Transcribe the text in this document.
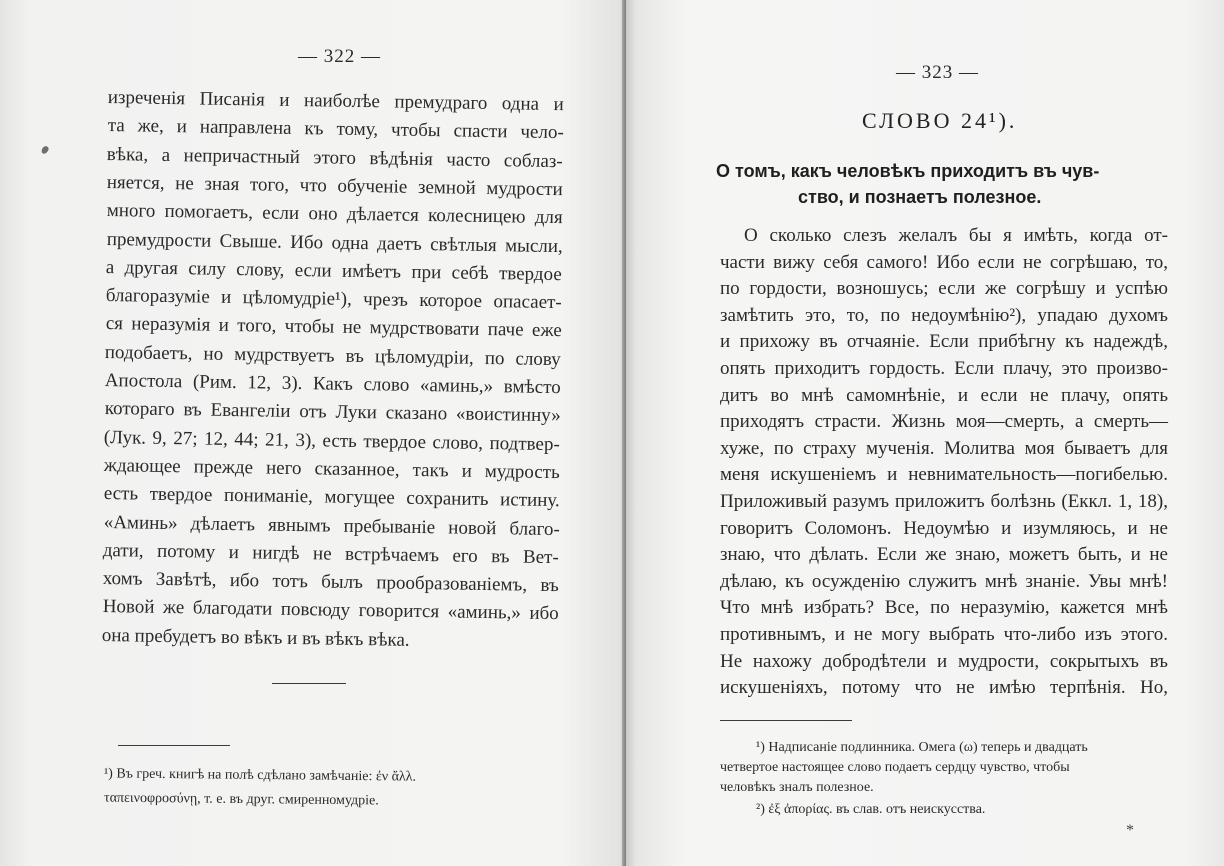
— 322 —
изреченія Писанія и наиболѣе премудраго одна и
та же, и направлена къ тому, чтобы спасти чело-
вѣка, а непричастный этого вѣдѣнія часто соблаз-
няется, не зная того, что обученіе земной мудрости
много помогаетъ, если оно дѣлается колесницею для
премудрости Свыше. Ибо одна даетъ свѣтлыя мысли,
а другая силу слову, если имѣетъ при себѣ твердое
благоразуміе и цѣломудріе¹), чрезъ которое опасает-
ся неразумія и того, чтобы не мудрствовати паче еже
подобаетъ, но мудрствуетъ въ цѣломудріи, по слову
Апостола (Рим. 12, 3). Какъ слово «аминь,» вмѣсто
котораго въ Евангеліи отъ Луки сказано «воистинну»
(Лук. 9, 27; 12, 44; 21, 3), есть твердое слово, подтвер-
ждающее прежде него сказанное, такъ и мудрость
есть твердое пониманіе, могущее сохранить истину.
«Аминь» дѣлаетъ явнымъ пребываніе новой благо-
дати, потому и нигдѣ не встрѣчаемъ его въ Вет-
хомъ Завѣтѣ, ибо тотъ былъ прообразованіемъ, въ
Новой же благодати повсюду говорится «аминь,» ибо
она пребудетъ во вѣкъ и въ вѣкъ вѣка.
¹) Въ греч. книгѣ на полѣ сдѣлано замѣчаніе: ἐν ἄλλ.
ταπεινοφροσύνῃ, т. е. въ друг. смиренномудріе.
— 323 —
СЛОВО 24¹).
О томъ, какъ человѣкъ приходитъ въ чув-
ство, и познаетъ полезное.
О сколько слезъ желалъ бы я имѣть, когда от-
части вижу себя самого! Ибо если не согрѣшаю, то,
по гордости, возношусь; если же согрѣшу и успѣю
замѣтить это, то, по недоумѣнію²), упадаю духомъ
и прихожу въ отчаяніе. Если прибѣгну къ надеждѣ,
опять приходитъ гордость. Если плачу, это произво-
дитъ во мнѣ самомнѣніе, и если не плачу, опять
приходятъ страсти. Жизнь моя—смерть, а смерть—
хуже, по страху мученія. Молитва моя бываетъ для
меня искушеніемъ и невнимательность—погибелью.
Приложивый разумъ приложитъ болѣзнь (Еккл. 1, 18),
говоритъ Соломонъ. Недоумѣю и изумляюсь, и не
знаю, что дѣлать. Если же знаю, можетъ быть, и не
дѣлаю, къ осужденію служитъ мнѣ знаніе. Увы мнѣ!
Что мнѣ избрать? Все, по неразумію, кажется мнѣ
противнымъ, и не могу выбрать что-либо изъ этого.
Не нахожу добродѣтели и мудрости, сокрытыхъ въ
искушеніяхъ, потому что не имѣю терпѣнія. Но,
¹) Надписаніе подлинника. Омега (ω) теперь и двадцать
четвертое настоящее слово подаетъ сердцу чувство, чтобы
человѣкъ зналъ полезное.
²) ἐξ ἀπορίας. въ слав. отъ неискусства.
*
